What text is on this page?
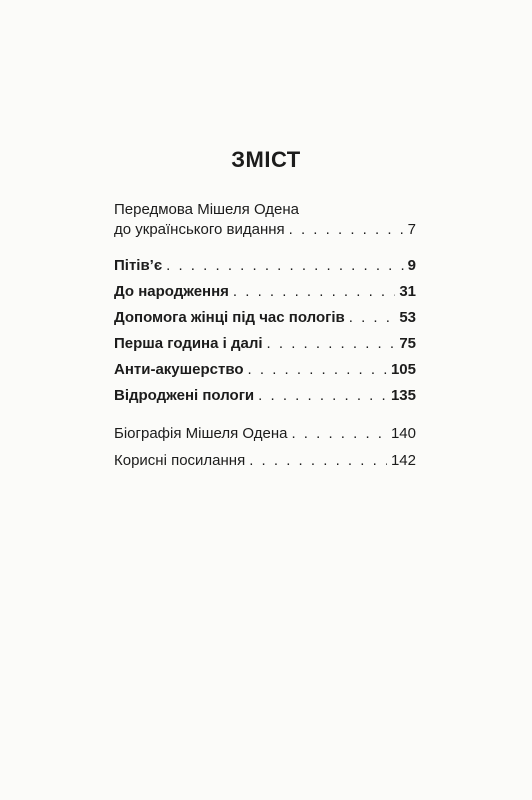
ЗМІСТ
Передмова Мішеля Одена
до українського видання . . .	7
Пітів’є . . .	9
До народження . . .	31
Допомога жінці під час пологів . . .	53
Перша година і далі . . .	75
Анти-акушерство . . .	105
Відроджені пологи . . .	135
Біографія Мішеля Одена . . .	140
Корисні посилання . . .	142
